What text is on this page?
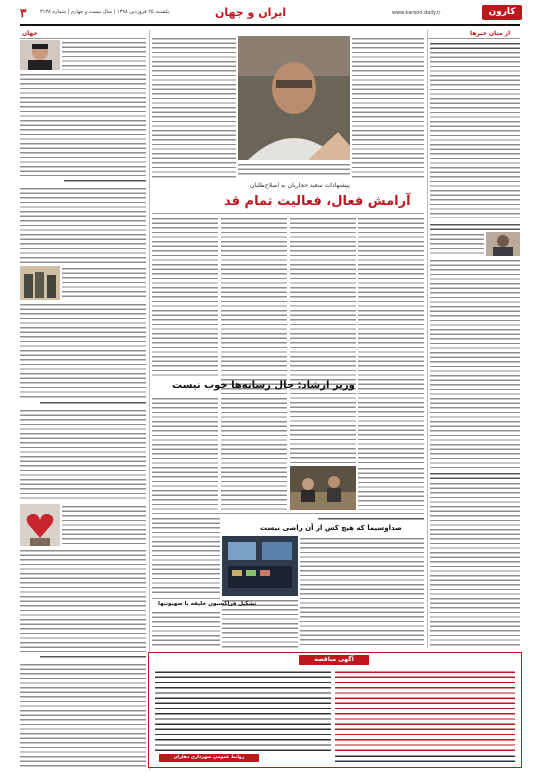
۳	یکشنبه ۲۵ فروردین ۱۳۹۸ | سال بیست و چهارم | شماره ۳۱۳۸	ایران و جهان	www.karoon.daily.ir	کارون
از میان خبرها
پیشنهادات سعید حجاریان به اصلاح‌طلبان
آرامش فعال، فعالیت تمام قد
وزیر ارشاد: حال رسانه‌ها خوب نیست
صداوسیما که هیچ کس از آن راضی نیست
تشکیل فراکسیون خلیفه یا صهیونیها
جهان
آگهی مناقصه
روابط عمومی شهرداری دهلران
